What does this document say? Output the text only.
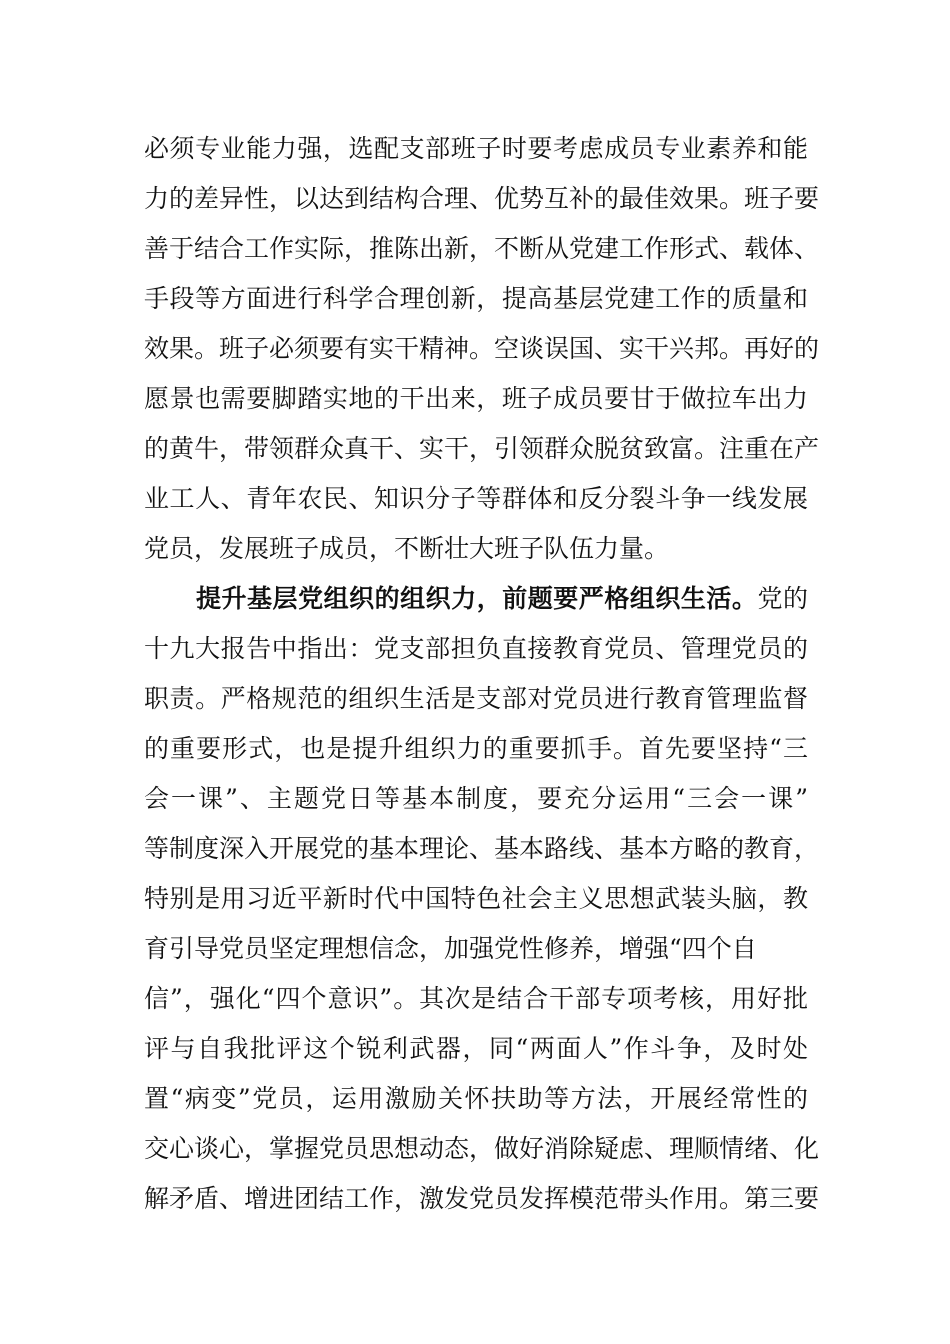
必须专业能力强，选配支部班子时要考虑成员专业素养和能
力的差异性，以达到结构合理、优势互补的最佳效果。班子要
善于结合工作实际，推陈出新，不断从党建工作形式、载体、
手段等方面进行科学合理创新，提高基层党建工作的质量和
效果。班子必须要有实干精神。空谈误国、实干兴邦。再好的
愿景也需要脚踏实地的干出来，班子成员要甘于做拉车出力
的黄牛，带领群众真干、实干，引领群众脱贫致富。注重在产
业工人、青年农民、知识分子等群体和反分裂斗争一线发展
党员，发展班子成员，不断壮大班子队伍力量。
提升基层党组织的组织力，前题要严格组织生活。党的
十九大报告中指出：党支部担负直接教育党员、管理党员的
职责。严格规范的组织生活是支部对党员进行教育管理监督
的重要形式，也是提升组织力的重要抓手。首先要坚持“三
会一课”、主题党日等基本制度，要充分运用“三会一课”
等制度深入开展党的基本理论、基本路线、基本方略的教育，
特别是用习近平新时代中国特色社会主义思想武装头脑，教
育引导党员坚定理想信念，加强党性修养，增强“四个自
信”，强化“四个意识”。其次是结合干部专项考核，用好批
评与自我批评这个锐利武器，同“两面人”作斗争，及时处
置“病变”党员，运用激励关怀扶助等方法，开展经常性的
交心谈心，掌握党员思想动态，做好消除疑虑、理顺情绪、化
解矛盾、增进团结工作，激发党员发挥模范带头作用。第三要
